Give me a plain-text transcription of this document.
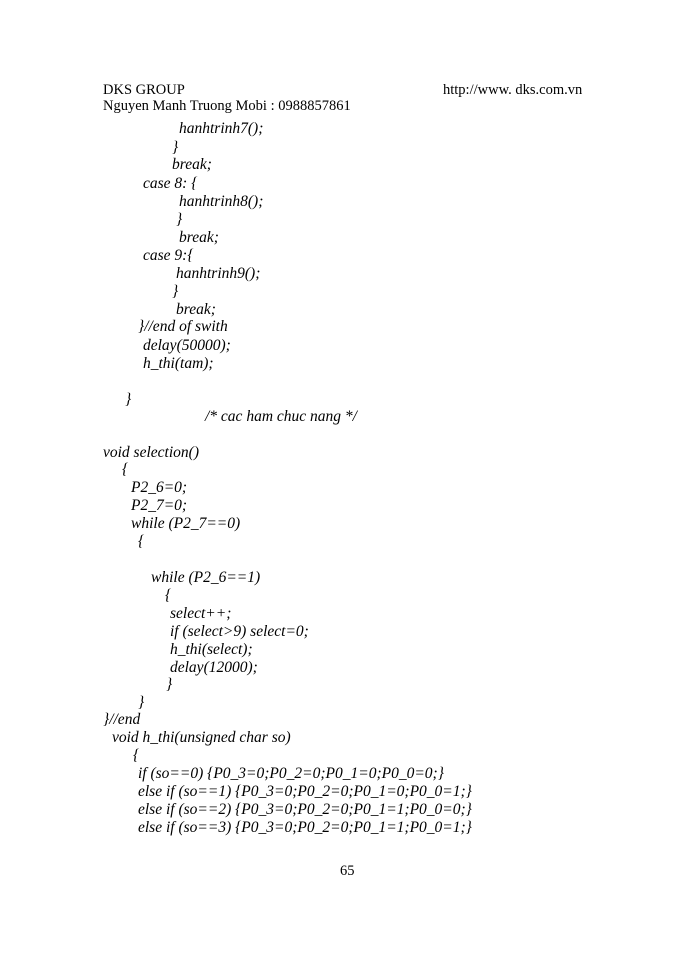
DKS GROUP
Nguyen Manh Truong Mobi : 0988857861
http://www. dks.com.vn
hanhtrinh7();
}
break;
case 8: {
hanhtrinh8();
}
break;
case 9:{
hanhtrinh9();
}
break;
}//end of swith
delay(50000);
h_thi(tam);
}
/* cac ham chuc nang */
void selection()
{
P2_6=0;
P2_7=0;
while (P2_7==0)
{
while (P2_6==1)
{
select++;
if (select>9) select=0;
h_thi(select);
delay(12000);
}
}
}//end
void h_thi(unsigned char so)
{
if (so==0) {P0_3=0;P0_2=0;P0_1=0;P0_0=0;}
else if (so==1) {P0_3=0;P0_2=0;P0_1=0;P0_0=1;}
else if (so==2) {P0_3=0;P0_2=0;P0_1=1;P0_0=0;}
else if (so==3) {P0_3=0;P0_2=0;P0_1=1;P0_0=1;}
65
